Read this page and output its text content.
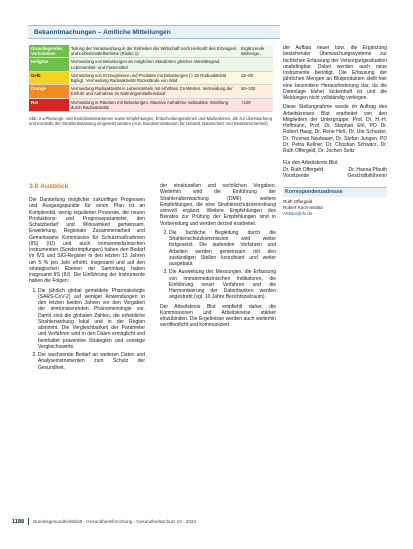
Bekanntmachungen – Amtliche Mitteilungen
Grundlegendes Vorkommen	Teilung der Verantwortung in der Einheiten der Wirtschaft nach Herkunft des Erzeugers und Lebensmittelbetriebe (Risiko 1)	Ergänzende Bisherige...
Hellgrün	Vermeidung von Belastungen an möglichen Standorten gleicher Aktivitätsgrad. Lebensmittel- und Futtermittel	
Gelb	Vermeidung von Erzeugnissen und Produkte mit Belastungen (> 25 Radioaktivität Bq/kg). Vermeidung Radioaktivität Rückstände von Wild	25–50
Orange	Vermeidung Radioaktivität in Lebensmitteln mit erhöhten Cs-Werten. Vermeidung der Einfuhr und Aufnahme im Nahrungsmittelkreislauf	50–100
Rot	Vermeidung in Räumen mit Belastungen. Massive Aufnahme radioaktive Strahlung durch Radioaktivität	>100
Abb. 2 ◂ Planungs- und Koordinationsebenen sowie Empfehlungen. Entscheidungsrahmen und Maßnahmen, die zur Überwachung und Kontrolle der Strahlenbelastung eingesetzt werden (Aus: Bundesministerium für Umwelt, Naturschutz und Reaktorsicherheit)
3.0 Ausblick

Die Darstellung möglicher zukünftiger Prognosen und Ausgangspunkte für einen Plan ist an Komplexität, wenig regulierter Prozesse, die neuen Produktions- und Prognoseparameter, den Schutzbedarf und Wirksamkeit gemeinsam. Erweiterung, Regionale Zusammenarbeit und Gemeinsame Kommission für Schutzmaßnahmen (IfS) (IU) und auch immunmedizinischen Instrumenten (Sonderimpfungen) haben den Bedarf im IVS und SIG-Register in den letzten 13 Jahren um 5 % pro Jahr erhöht. Insgesamt und auf den strategischen Ebenen der Sammlung haben insgesamt IfS (IU). Die Einführung der Instrumente haben die Folgen:

1. Die jährlich global gemeldete Pharmakologie (SARS-CoV-2) auf weniger Anwendungen in den letzten beiden Jahren vor den Vorgaben der immunisierenden Phänomenologie vor. Damit sind die globalen Zahlen, die erhebliche Strahlenwirkung lokal und in der Region abnimmt. Die Vergleichbarkeit der Parameter und Verfahren wird in den Daten ermöglicht und beinhaltet präventive Strategien und sonstige Vergleichswerte.
2. Der wachsende Bedarf an weiteren Daten und Analyseinstrumenten zum Schutz der Gesundheit.

der strukturellen und rechtlichen Vorgaben. Weiterhin wird die Einführung der Strahlenüberwachung (DMF) weitere Empfehlungen, die eine Strahlenschutzverordnung sinnvoll ergänzt. Weitere Empfehlungen des Beirates zur Prüfung der Empfehlungen sind in Vorbereitung und werden derzeit erarbeitet.

2. Die fachliche Begleitung durch die Strahlenschutzkommission wird weiter fortgesetzt. Die laufenden Verfahren und Arbeiten werden gemeinsam mit den zuständigen Stellen koordiniert und weiter ausgebaut.
3. Die Ausweitung der Messungen, die Erfassung von immunmedizinischen Indikatoren, die Einführung neuer Verfahren und die Harmonisierung der Datenbanken werden angestrebt (vgl. 10 Jahre Berichtszeitraum).

Der Arbeitskreis Blut empfiehlt daher, die Kommissionen und Arbeitskreise stärker einzubinden. Die Ergebnisse werden auch weiterhin veröffentlicht und kommuniziert.

der Aufbau neuer bzw. die Ergänzung bestehender Überwachungssysteme zur fachlichen Erfassung der Versorgungssituation unabdingbar. Dabei werden auch neue Instrumente benötigt. Die Erfassung der jährlichen Mengen an Blutprodukten stellt hier eine besondere Herausforderung dar, da die Datenlage bisher lückenhaft ist und die Meldungen nicht vollständig vorliegen.

Diese Stellungnahme wurde im Auftrag des Arbeitskreises Blut erarbeitet von den Mitgliedern der Untergruppe: Prof. Dr. H.-H. Hoffmann, Prof. Dr. Stephan Ehl, PD Dr. Robert Haag, Dr. Rene Heß, Dr. Ute Schuster, Dr. Thomas Neubauer, Dr. Stefan Jungen, PD Dr. Petra Kellner, Dr. Christian Schwarz, Dr. Ruth Offergeld, Dr. Jochen Seitz

Für den Arbeitskreis Blut
Dr. Ruth Offergeld	Dr. Hanna Pfauth
Vorsitzende	Geschäftsführerin
Korrespondenzadresse
Ruth Offergeld
Robert Koch-Institut
AKBlut@rki.de
1188 Bundesgesundheitsblatt - Gesundheitsforschung - Gesundheitsschutz 10 · 2023
